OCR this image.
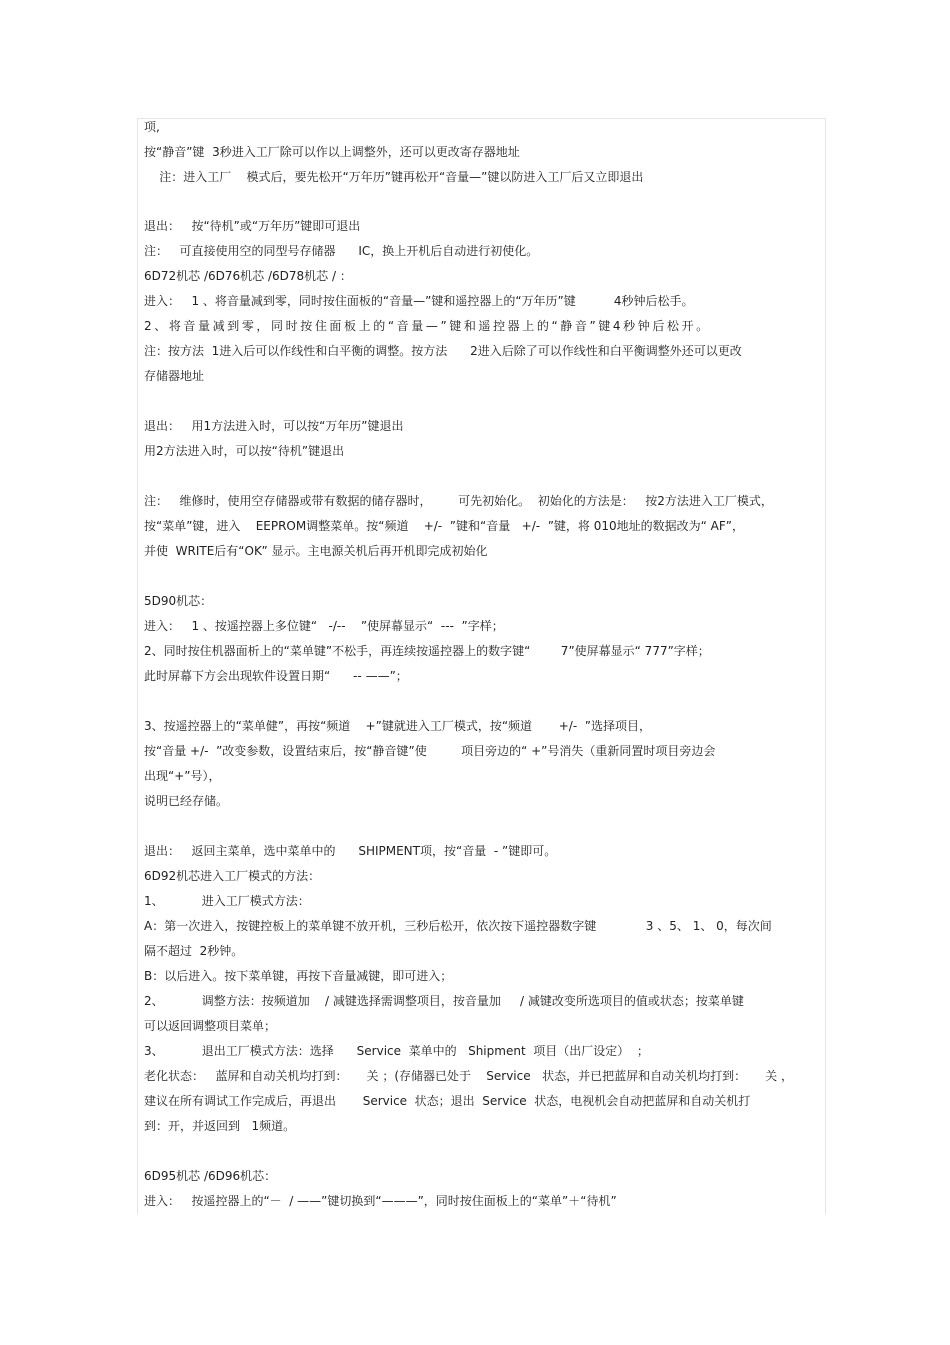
项,
按“静音”键  3秒进入工厂除可以作以上调整外，还可以更改寄存器地址
注：进入工厂    模式后，要先松开“万年历”键再松开“音量—”键以防进入工厂后又立即退出
退出：   按“待机”或“万年历”键即可退出
注：   可直接使用空的同型号存储器      IC，换上开机后自动进行初使化。
6D72机芯 /6D76机芯 /6D78机芯 / ：
进入：   1 、将音量减到零，同时按住面板的“音量—”键和遥控器上的“万年历”键          4秒钟后松手。
2、将音量减到零，同时按住面板上的“音量—”键和遥控器上的“静音”键4秒钟后松开。
注：按方法  1进入后可以作线性和白平衡的调整。按方法      2进入后除了可以作线性和白平衡调整外还可以更改
存储器地址
退出：   用1方法进入时，可以按“万年历”键退出
用2方法进入时，可以按“待机”键退出
注：   维修时，使用空存储器或带有数据的储存器时，       可先初始化。  初始化的方法是：   按2方法进入工厂模式，
按“菜单”键，进入    EEPROM调整菜单。按“频道    +/-  ”键和“音量   +/-  ”键，将 010地址的数据改为“ AF”，
并使  WRITE后有“OK” 显示。主电源关机后再开机即完成初始化
5D90机芯：
进入：   1 、按遥控器上多位键“   -/--    ”使屏幕显示“  ---  ”字样；
2、同时按住机器面析上的“菜单键”不松手，再连续按遥控器上的数字键“        7”使屏幕显示“ 777”字样；
此时屏幕下方会出现软件设置日期“      -- ——”；
3、按遥控器上的“菜单健”，再按“频道    +”键就进入工厂模式，按“频道       +/-  ”选择项目，
按“音量 +/-  ”改变参数，设置结束后，按“静音键”使         项目旁边的“ +”号消失（重新同置时项目旁边会
出现“+”号），
说明已经存储。
退出：   返回主菜单，选中菜单中的      SHIPMENT项，按“音量  - ”键即可。
6D92机芯进入工厂模式的方法：
1、          进入工厂模式方法：
A：第一次进入，按键控板上的菜单键不放开机，三秒后松开，依次按下遥控器数字键             3 、5、 1、 0，每次间
隔不超过  2秒钟。
B：以后进入。按下菜单键，再按下音量减键，即可进入；
2、          调整方法：按频道加    / 减键选择需调整项目，按音量加     / 减键改变所选项目的值或状态；按菜单键
可以返回调整项目菜单；
3、          退出工厂模式方法：选择      Service  菜单中的   Shipment  项目（出厂设定）  ；
老化状态：   蓝屏和自动关机均打到：     关 ；(存储器已处于    Service   状态，并已把蓝屏和自动关机均打到：     关 ，
建议在所有调试工作完成后，再退出       Service  状态；退出  Service  状态，电视机会自动把蓝屏和自动关机打
到：开，并返回到   1频道。
6D95机芯 /6D96机芯：
进入：   按遥控器上的“－  / ——”键切换到“———”，同时按住面板上的“菜单”＋“待机”
